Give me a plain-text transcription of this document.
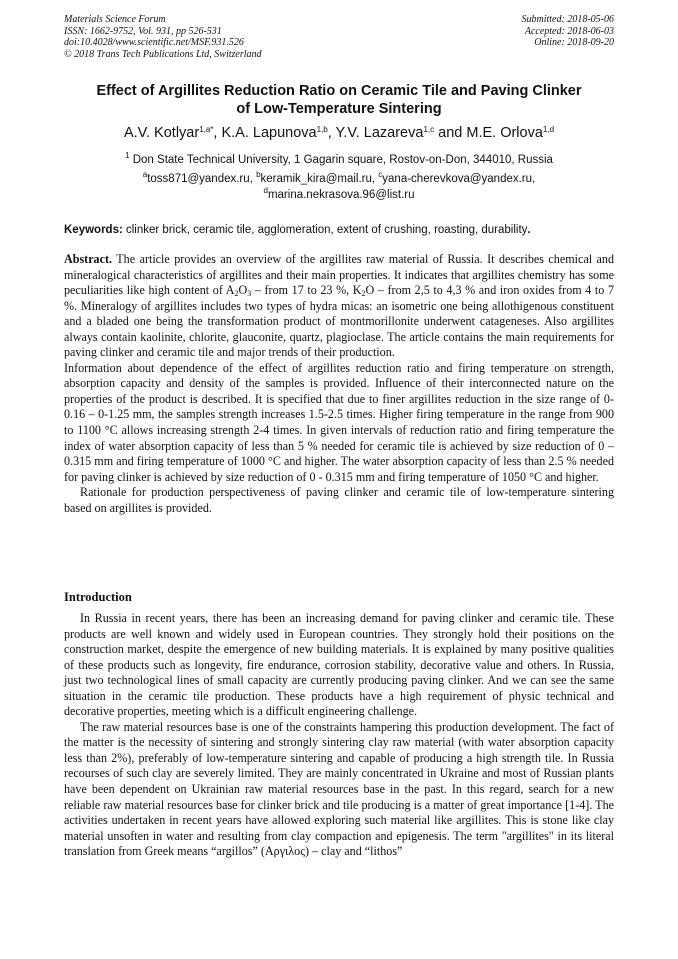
Materials Science Forum
ISSN: 1662-9752, Vol. 931, pp 526-531
doi:10.4028/www.scientific.net/MSF.931.526
© 2018 Trans Tech Publications Ltd, Switzerland
Submitted: 2018-05-06
Accepted: 2018-06-03
Online: 2018-09-20
Effect of Argillites Reduction Ratio on Ceramic Tile and Paving Clinker
of Low-Temperature Sintering
A.V. Kotlyar$^{1,a*}$, K.A. Lapunova$^{1,b}$, Y.V. Lazareva$^{1,c}$ and M.E. Orlova$^{1,d}$
$^1$ Don State Technical University, 1 Gagarin square, Rostov-on-Don, 344010, Russia
$^a$toss871@yandex.ru, $^b$keramik_kira@mail.ru, $^c$yana-cherevkova@yandex.ru,
$^d$marina.nekrasova.96@list.ru
Keywords: clinker brick, ceramic tile, agglomeration, extent of crushing, roasting, durability.

Abstract. The article provides an overview of the argillites raw material of Russia. It describes chemical and mineralogical characteristics of argillites and their main properties. It indicates that argillites chemistry has some peculiarities like high content of $A_2O_3$ – from 17 to 23 %, $K_2O$ – from 2,5 to 4,3 % and iron oxides from 4 to 7 %. Mineralogy of argillites includes two types of hydra micas: an isometric one being allothigenous constituent and a bladed one being the transformation product of montmorillonite underwent catageneses. Also argillites always contain kaolinite, chlorite, glauconite, quartz, plagioclase. The article contains the main requirements for paving clinker and ceramic tile and major trends of their production.

Information about dependence of the effect of argillites reduction ratio and firing temperature on strength, absorption capacity and density of the samples is provided. Influence of their interconnected nature on the properties of the product is described. It is specified that due to finer argillites reduction in the size range of 0-0.16 – 0-1.25 mm, the samples strength increases 1.5-2.5 times. Higher firing temperature in the range from 900 to 1100 °C allows increasing strength 2-4 times. In given intervals of reduction ratio and firing temperature the index of water absorption capacity of less than 5 % needed for ceramic tile is achieved by size reduction of 0 – 0.315 mm and firing temperature of 1000 °C and higher. The water absorption capacity of less than 2.5 % needed for paving clinker is achieved by size reduction of 0 - 0.315 mm and firing temperature of 1050 °C and higher.

Rationale for production perspectiveness of paving clinker and ceramic tile of low-temperature sintering based on argillites is provided.

Introduction

In Russia in recent years, there has been an increasing demand for paving clinker and ceramic tile. These products are well known and widely used in European countries. They strongly hold their positions on the construction market, despite the emergence of new building materials. It is explained by many positive qualities of these products such as longevity, fire endurance, corrosion stability, decorative value and others. In Russia, just two technological lines of small capacity are currently producing paving clinker. And we can see the same situation in the ceramic tile production. These products have a high requirement of physic technical and decorative properties, meeting which is a difficult engineering challenge.

The raw material resources base is one of the constraints hampering this production development. The fact of the matter is the necessity of sintering and strongly sintering clay raw material (with water absorption capacity less than 2%), preferably of low-temperature sintering and capable of producing a high strength tile. In Russia recourses of such clay are severely limited. They are mainly concentrated in Ukraine and most of Russian plants have been dependent on Ukrainian raw material resources base in the past. In this regard, search for a new reliable raw material resources base for clinker brick and tile producing is a matter of great importance [1-4]. The activities undertaken in recent years have allowed exploring such material like argillites. This is stone like clay material unsoften in water and resulting from clay compaction and epigenesis. The term "argillites" in its literal translation from Greek means “argillos” (Αργιλος) – clay and “lithos”
